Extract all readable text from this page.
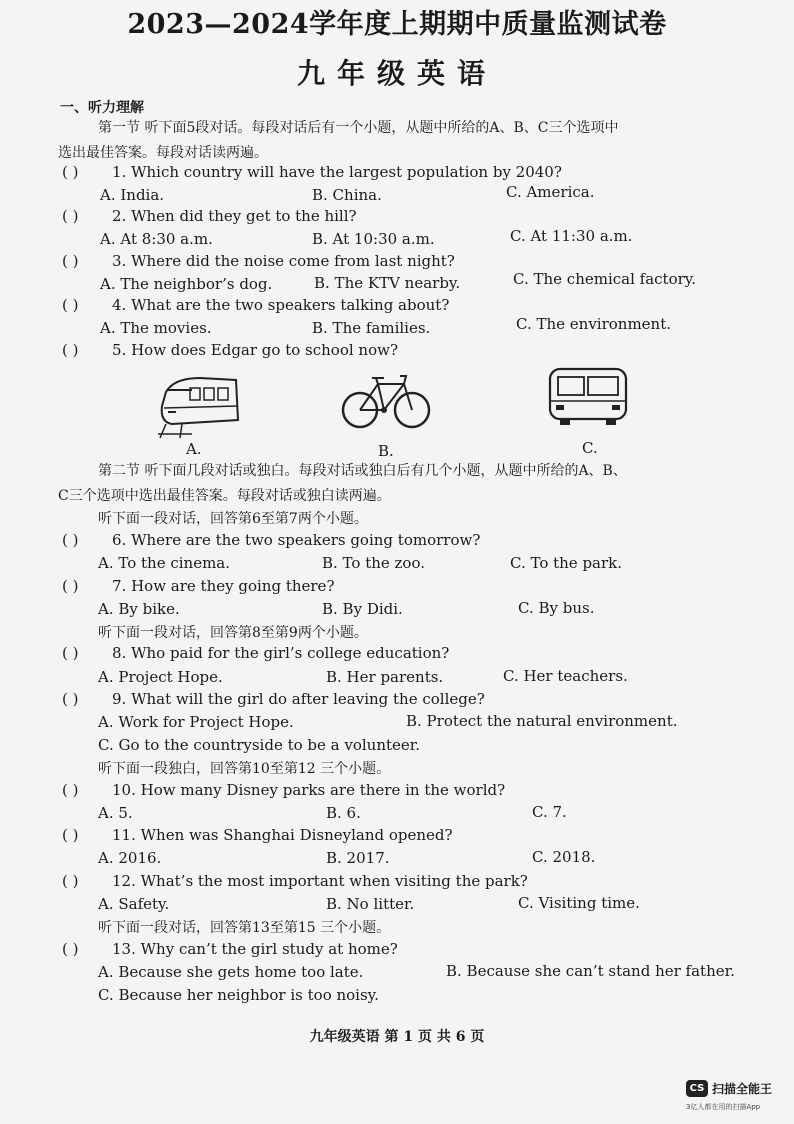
2023—2024学年度上期期中质量监测试卷
九年级英语
一、听力理解
第一节 听下面5段对话。每段对话后有一个小题，从题中所给的A、B、C三个选项中
选出最佳答案。每段对话读两遍。
( ) 1. Which country will have the largest population by 2040?
A. India.	B. China.	C. America.
( ) 2. When did they get to the hill?
A. At 8:30 a.m.	B. At 10:30 a.m.	C. At 11:30 a.m.
( ) 3. Where did the noise come from last night?
A. The neighbor’s dog.	B. The KTV nearby.	C. The chemical factory.
( ) 4. What are the two speakers talking about?
A. The movies.	B. The families.	C. The environment.
( ) 5. How does Edgar go to school now?
A.	B.	C.
第二节 听下面几段对话或独白。每段对话或独白后有几个小题，从题中所给的A、B、
C三个选项中选出最佳答案。每段对话或独白读两遍。
听下面一段对话，回答第6至第7两个小题。
( ) 6. Where are the two speakers going tomorrow?
A. To the cinema.	B. To the zoo.	C. To the park.
( ) 7. How are they going there?
A. By bike.	B. By Didi.	C. By bus.
听下面一段对话，回答第8至第9两个小题。
( ) 8. Who paid for the girl’s college education?
A. Project Hope.	B. Her parents.	C. Her teachers.
( ) 9. What will the girl do after leaving the college?
A. Work for Project Hope.	B. Protect the natural environment.
C. Go to the countryside to be a volunteer.
听下面一段独白，回答第10至第12 三个小题。
( ) 10. How many Disney parks are there in the world?
A. 5.	B. 6.	C. 7.
( ) 11. When was Shanghai Disneyland opened?
A. 2016.	B. 2017.	C. 2018.
( ) 12. What’s the most important when visiting the park?
A. Safety.	B. No litter.	C. Visiting time.
听下面一段对话，回答第13至第15 三个小题。
( ) 13. Why can’t the girl study at home?
A. Because she gets home too late.	B. Because she can’t stand her father.
C. Because her neighbor is too noisy.
九年级英语 第 1 页 共 6 页
CS 扫描全能王
3亿人都在用的扫描App
